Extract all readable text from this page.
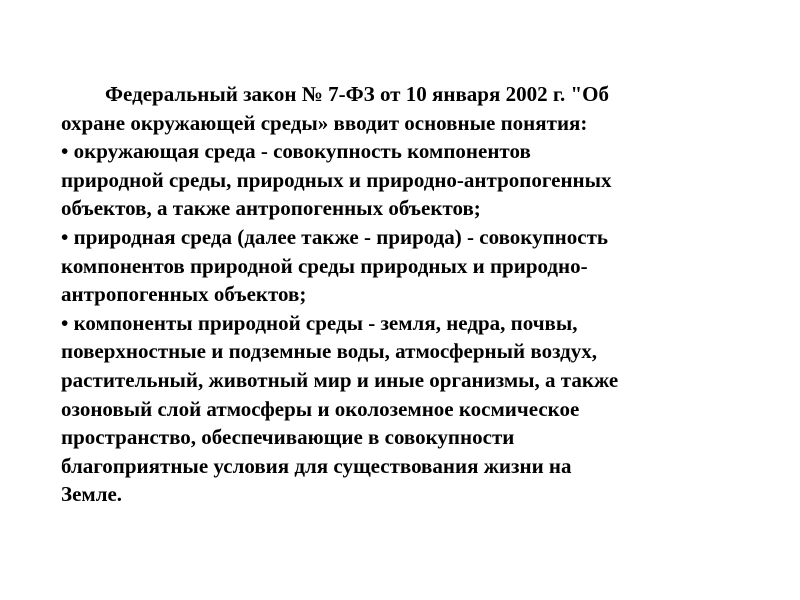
Федеральный закон № 7-ФЗ от 10 января 2002 г. "Об
охране окружающей среды» вводит основные понятия:
• окружающая среда - совокупность компонентов
природной среды, природных и природно-антропогенных
объектов, а также антропогенных объектов;
• природная среда (далее также - природа) - совокупность
компонентов природной среды природных и природно-
антропогенных объектов;
• компоненты природной среды - земля, недра, почвы,
поверхностные и подземные воды, атмосферный воздух,
растительный, животный мир и иные организмы, а также
озоновый слой атмосферы и околоземное космическое
пространство, обеспечивающие в совокупности
благоприятные условия для существования жизни на
Земле.
